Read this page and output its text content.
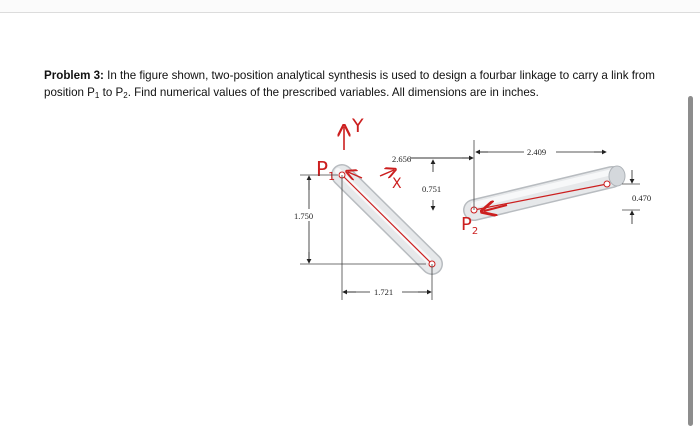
Problem 3: In the figure shown, two-position analytical synthesis is used to design a fourbar linkage to carry a link from position $P_1$ to $P_2$. Find numerical values of the prescribed variables. All dimensions are in inches.
Y
X
$P_1$
$P_2$
1.750
1.721
2.656
2.409
0.751
0.470
